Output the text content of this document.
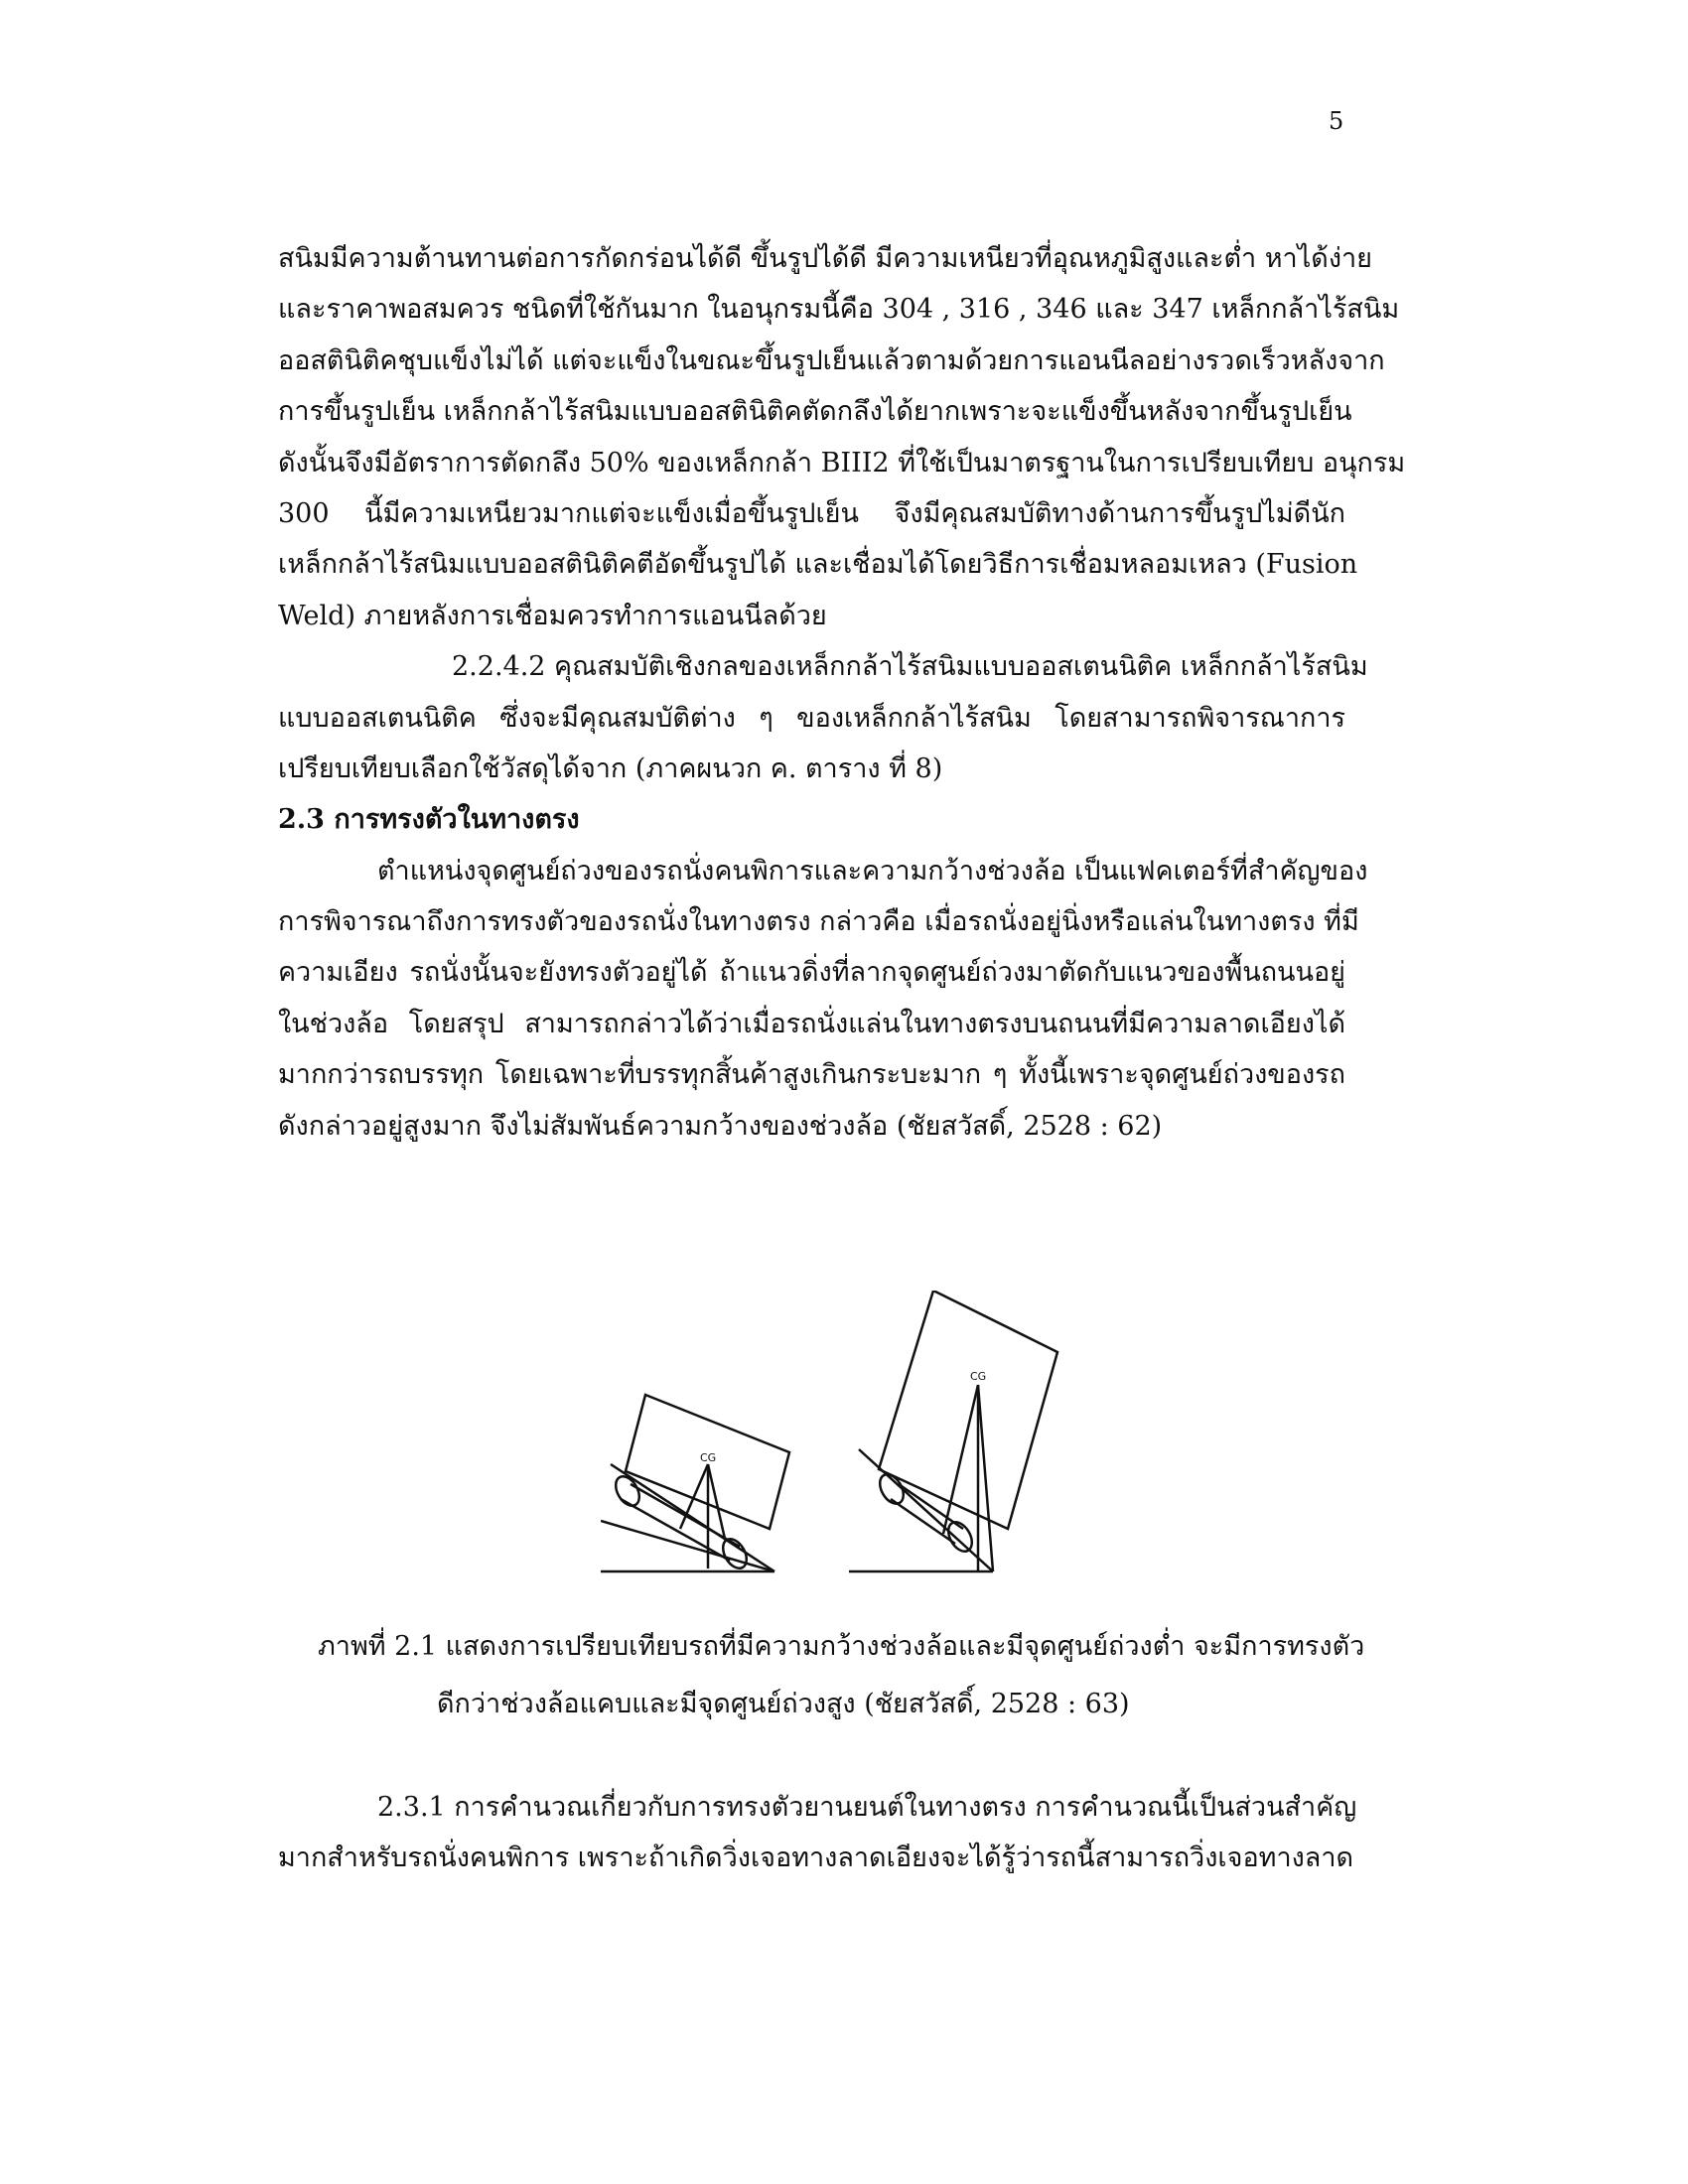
5
สนิมมีความต้านทานต่อการกัดกร่อนได้ดี ขึ้นรูปได้ดี มีความเหนียวที่อุณหภูมิสูงและต่ำ หาได้ง่าย
และราคาพอสมควร ชนิดที่ใช้กันมาก ในอนุกรมนี้คือ 304 , 316 , 346 และ 347 เหล็กกล้าไร้สนิม
ออสตินิติคชุบแข็งไม่ได้ แต่จะแข็งในขณะขึ้นรูปเย็นแล้วตามด้วยการแอนนีลอย่างรวดเร็วหลังจาก
การขึ้นรูปเย็น เหล็กกล้าไร้สนิมแบบออสตินิติคตัดกลึงได้ยากเพราะจะแข็งขึ้นหลังจากขึ้นรูปเย็น
ดังนั้นจึงมีอัตราการตัดกลึง 50% ของเหล็กกล้า BIII2 ที่ใช้เป็นมาตรฐานในการเปรียบเทียบ อนุกรม
300 นี้มีความเหนียวมากแต่จะแข็งเมื่อขึ้นรูปเย็น จึงมีคุณสมบัติทางด้านการขึ้นรูปไม่ดีนัก
เหล็กกล้าไร้สนิมแบบออสตินิติคตีอัดขึ้นรูปได้ และเชื่อมได้โดยวิธีการเชื่อมหลอมเหลว (Fusion
Weld) ภายหลังการเชื่อมควรทำการแอนนีลด้วย
2.2.4.2 คุณสมบัติเชิงกลของเหล็กกล้าไร้สนิมแบบออสเตนนิติค เหล็กกล้าไร้สนิม
แบบออสเตนนิติค ซึ่งจะมีคุณสมบัติต่าง ๆ ของเหล็กกล้าไร้สนิม โดยสามารถพิจารณาการ
เปรียบเทียบเลือกใช้วัสดุได้จาก (ภาคผนวก ค. ตาราง ที่ 8)
2.3 การทรงตัวในทางตรง
ตำแหน่งจุดศูนย์ถ่วงของรถนั่งคนพิการและความกว้างช่วงล้อ เป็นแฟคเตอร์ที่สำคัญของ
การพิจารณาถึงการทรงตัวของรถนั่งในทางตรง กล่าวคือ เมื่อรถนั่งอยู่นิ่งหรือแล่นในทางตรง ที่มี
ความเอียง รถนั่งนั้นจะยังทรงตัวอยู่ได้ ถ้าแนวดิ่งที่ลากจุดศูนย์ถ่วงมาตัดกับแนวของพื้นถนนอยู่
ในช่วงล้อ โดยสรุป สามารถกล่าวได้ว่าเมื่อรถนั่งแล่นในทางตรงบนถนนที่มีความลาดเอียงได้
มากกว่ารถบรรทุก โดยเฉพาะที่บรรทุกสิ้นค้าสูงเกินกระบะมาก ๆ ทั้งนี้เพราะจุดศูนย์ถ่วงของรถ
ดังกล่าวอยู่สูงมาก จึงไม่สัมพันธ์ความกว้างของช่วงล้อ (ชัยสวัสดิ์, 2528 : 62)
CG
CG
ภาพที่ 2.1 แสดงการเปรียบเทียบรถที่มีความกว้างช่วงล้อและมีจุดศูนย์ถ่วงต่ำ จะมีการทรงตัว
ดีกว่าช่วงล้อแคบและมีจุดศูนย์ถ่วงสูง (ชัยสวัสดิ์, 2528 : 63)
2.3.1 การคำนวณเกี่ยวกับการทรงตัวยานยนต์ในทางตรง การคำนวณนี้เป็นส่วนสำคัญ
มากสำหรับรถนั่งคนพิการ เพราะถ้าเกิดวิ่งเจอทางลาดเอียงจะได้รู้ว่ารถนี้สามารถวิ่งเจอทางลาด
